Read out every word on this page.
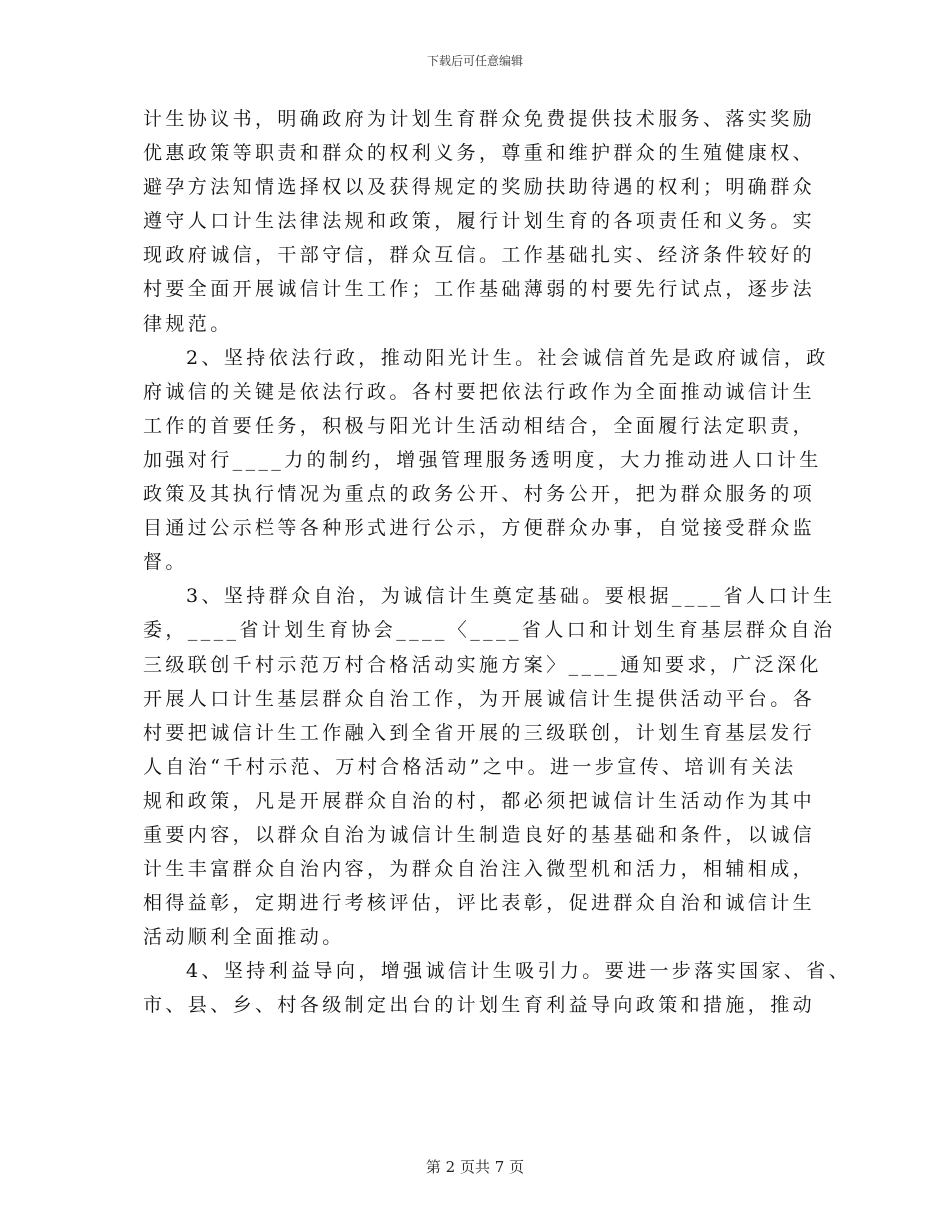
下载后可任意编辑
计生协议书，明确政府为计划生育群众免费提供技术服务、落实奖励
优惠政策等职责和群众的权利义务，尊重和维护群众的生殖健康权、
避孕方法知情选择权以及获得规定的奖励扶助待遇的权利；明确群众
遵守人口计生法律法规和政策，履行计划生育的各项责任和义务。实
现政府诚信，干部守信，群众互信。工作基础扎实、经济条件较好的
村要全面开展诚信计生工作；工作基础薄弱的村要先行试点，逐步法
律规范。
2、坚持依法行政，推动阳光计生。社会诚信首先是政府诚信，政
府诚信的关键是依法行政。各村要把依法行政作为全面推动诚信计生
工作的首要任务，积极与阳光计生活动相结合，全面履行法定职责，
加强对行____力的制约，增强管理服务透明度，大力推动进人口计生
政策及其执行情况为重点的政务公开、村务公开，把为群众服务的项
目通过公示栏等各种形式进行公示，方便群众办事，自觉接受群众监
督。
3、坚持群众自治，为诚信计生奠定基础。要根据____省人口计生
委，____省计划生育协会____〈____省人口和计划生育基层群众自治
三级联创千村示范万村合格活动实施方案〉____通知要求，广泛深化
开展人口计生基层群众自治工作，为开展诚信计生提供活动平台。各
村要把诚信计生工作融入到全省开展的三级联创，计划生育基层发行
人自治“千村示范、万村合格活动”之中。进一步宣传、培训有关法
规和政策，凡是开展群众自治的村，都必须把诚信计生活动作为其中
重要内容，以群众自治为诚信计生制造良好的基基础和条件，以诚信
计生丰富群众自治内容，为群众自治注入微型机和活力，相辅相成，
相得益彰，定期进行考核评估，评比表彰，促进群众自治和诚信计生
活动顺利全面推动。
4、坚持利益导向，增强诚信计生吸引力。要进一步落实国家、省、
市、县、乡、村各级制定出台的计划生育利益导向政策和措施，推动
第 2 页共 7 页
